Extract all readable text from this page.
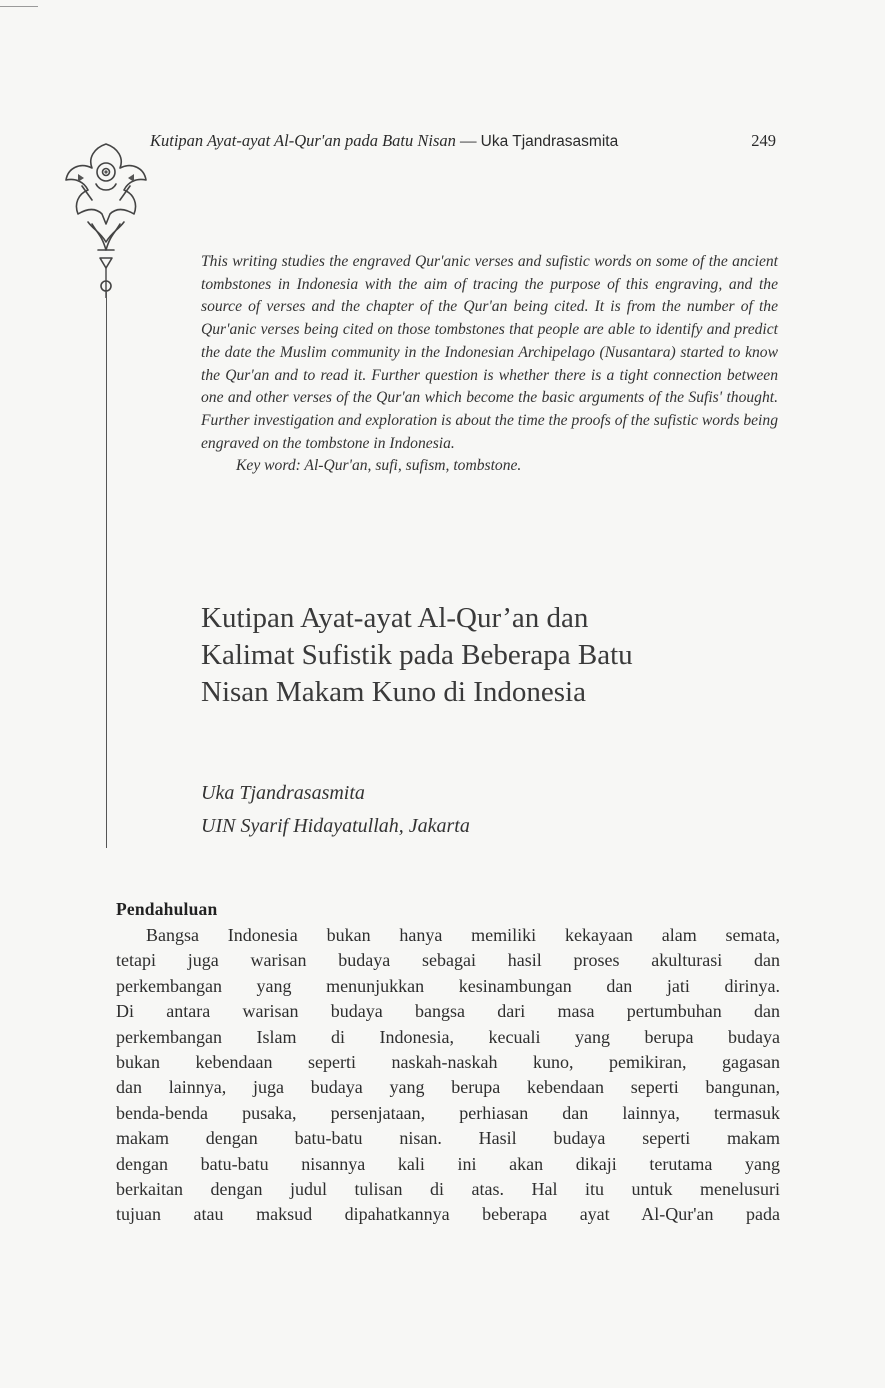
Kutipan Ayat-ayat Al-Qur'an pada Batu Nisan — Uka Tjandrasasmita	249

This writing studies the engraved Qur'anic verses and sufistic words on some of the ancient tombstones in Indonesia with the aim of tracing the purpose of this engraving, and the source of verses and the chapter of the Qur'an being cited. It is from the number of the Qur'anic verses being cited on those tombstones that people are able to identify and predict the date the Muslim community in the Indonesian Archipelago (Nusantara) started to know the Qur'an and to read it. Further question is whether there is a tight connection between one and other verses of the Qur'an which become the basic arguments of the Sufis' thought. Further investigation and exploration is about the time the proofs of the sufistic words being engraved on the tombstone in Indonesia.

Key word: Al-Qur'an, sufi, sufism, tombstone.
Kutipan Ayat-ayat Al-Qur’an dan
Kalimat Sufistik pada Beberapa Batu
Nisan Makam Kuno di Indonesia
Uka Tjandrasasmita
UIN Syarif Hidayatullah, Jakarta
Pendahuluan
Bangsa Indonesia bukan hanya memiliki kekayaan alam semata,
tetapi juga warisan budaya sebagai hasil proses akulturasi dan
perkembangan yang menunjukkan kesinambungan dan jati dirinya.
Di antara warisan budaya bangsa dari masa pertumbuhan dan
perkembangan Islam di Indonesia, kecuali yang berupa budaya
bukan kebendaan seperti naskah-naskah kuno, pemikiran, gagasan
dan lainnya, juga budaya yang berupa kebendaan seperti bangunan,
benda-benda pusaka, persenjataan, perhiasan dan lainnya, termasuk
makam dengan batu-batu nisan. Hasil budaya seperti makam
dengan batu-batu nisannya kali ini akan dikaji terutama yang
berkaitan dengan judul tulisan di atas. Hal itu untuk menelusuri
tujuan atau maksud dipahatkannya beberapa ayat Al-Qur'an pada
